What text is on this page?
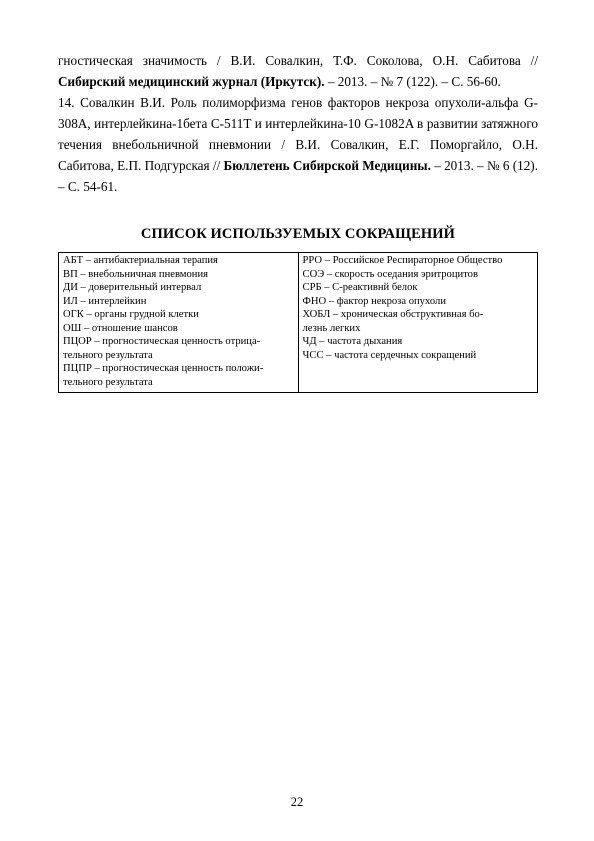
гностическая значимость / В.И. Совалкин, Т.Ф. Соколова, О.Н. Сабитова // Сибирский медицинский журнал (Иркутск). – 2013. – № 7 (122). – С. 56-60.

14. Совалкин В.И. Роль полиморфизма генов факторов некроза опухоли-альфа G-308A, интерлейкина-1бета C-511T и интерлейкина-10 G-1082A в развитии затяжного течения внебольничной пневмонии / В.И. Совалкин, Е.Г. Поморгайло, О.Н. Сабитова, Е.П. Подгурская // Бюллетень Сибирской Медицины. – 2013. – № 6 (12). – С. 54-61.

СПИСОК ИСПОЛЬЗУЕМЫХ СОКРАЩЕНИЙ
АБТ – антибактериальная терапия
ВП – внебольничная пневмония
ДИ – доверительный интервал
ИЛ – интерлейкин
ОГК – органы грудной клетки
ОШ – отношение шансов
ПЦОР – прогностическая ценность отрица-
тельного результата
ПЦПР – прогностическая ценность положи-
тельного результата

РРО – Российское Респираторное Общество
СОЭ – скорость оседания эритроцитов
СРБ – С-реактивнй белок
ФНО – фактор некроза опухоли
ХОБЛ – хроническая обструктивная бо-
лезнь легких
ЧД – частота дыхания
ЧСС – частота сердечных сокращений
22
